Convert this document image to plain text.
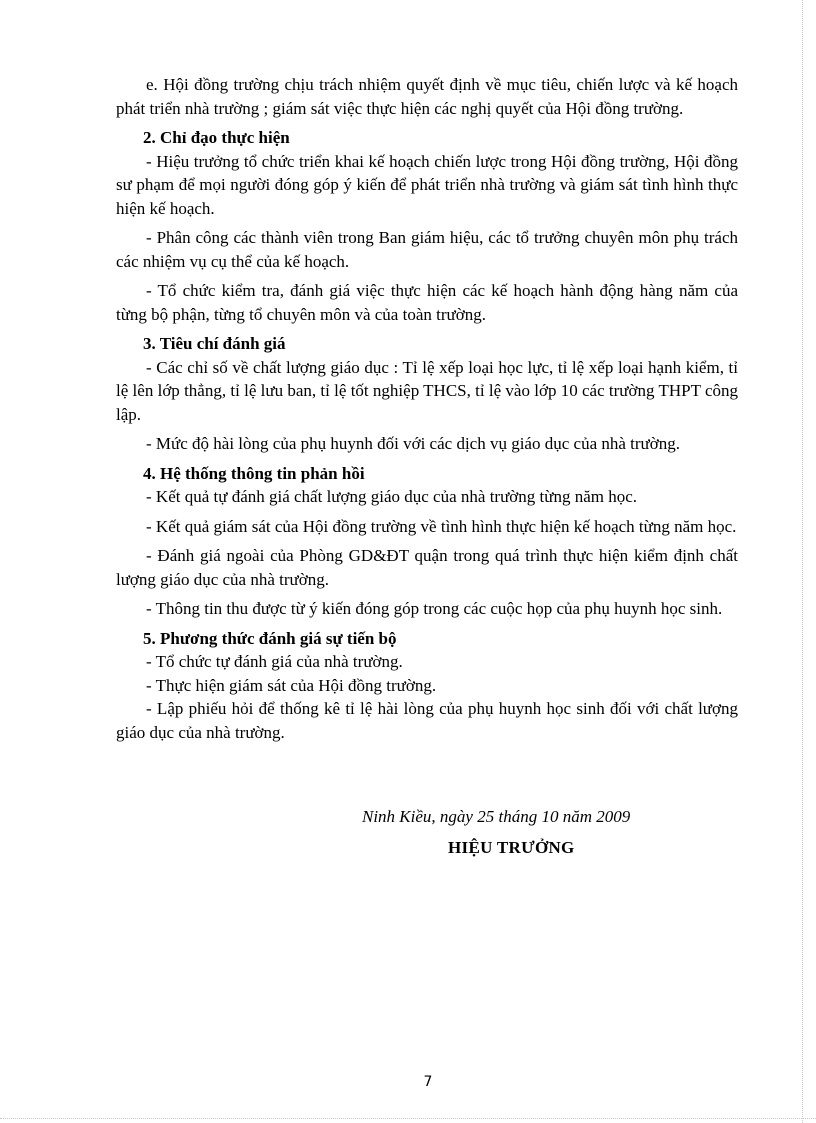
e. Hội đồng trường chịu trách nhiệm quyết định về mục tiêu, chiến lược và kế hoạch phát triển nhà trường ; giám sát việc thực hiện các nghị quyết của Hội đồng trường.

2. Chỉ đạo thực hiện

- Hiệu trưởng tổ chức triển khai kế hoạch chiến lược trong Hội đồng trường, Hội đồng sư phạm để mọi người đóng góp ý kiến để phát triển nhà trường và giám sát tình hình thực hiện kế hoạch.

- Phân công các thành viên trong Ban giám hiệu, các tổ trưởng chuyên môn phụ trách các nhiệm vụ cụ thể của kế hoạch.

- Tổ chức kiểm tra, đánh giá việc thực hiện các kế hoạch hành động hàng năm của từng bộ phận, từng tổ chuyên môn và của toàn trường.

3. Tiêu chí đánh giá

- Các chỉ số về chất lượng giáo dục : Tỉ lệ xếp loại học lực, tỉ lệ xếp loại hạnh kiểm, tỉ lệ lên lớp thẳng, tỉ lệ lưu ban, tỉ lệ tốt nghiệp THCS, tỉ lệ vào lớp 10 các trường THPT công lập.

- Mức độ hài lòng của phụ huynh đối với các dịch vụ giáo dục của nhà trường.

4. Hệ thống thông tin phản hồi

- Kết quả tự đánh giá chất lượng giáo dục của nhà trường từng năm học.

- Kết quả giám sát của Hội đồng trường về tình hình thực hiện kế hoạch từng năm học.

- Đánh giá ngoài của Phòng GD&ĐT quận trong quá trình thực hiện kiểm định chất lượng giáo dục của nhà trường.

- Thông tin thu được từ ý kiến đóng góp trong các cuộc họp của phụ huynh học sinh.

5. Phương thức đánh giá sự tiến bộ

- Tổ chức tự đánh giá của nhà trường.

- Thực hiện giám sát của Hội đồng trường.

- Lập phiếu hỏi để thống kê tỉ lệ hài lòng của phụ huynh học sinh đối với chất lượng giáo dục của nhà trường.

Ninh Kiều, ngày 25 tháng 10 năm 2009
HIỆU TRƯỞNG
7
